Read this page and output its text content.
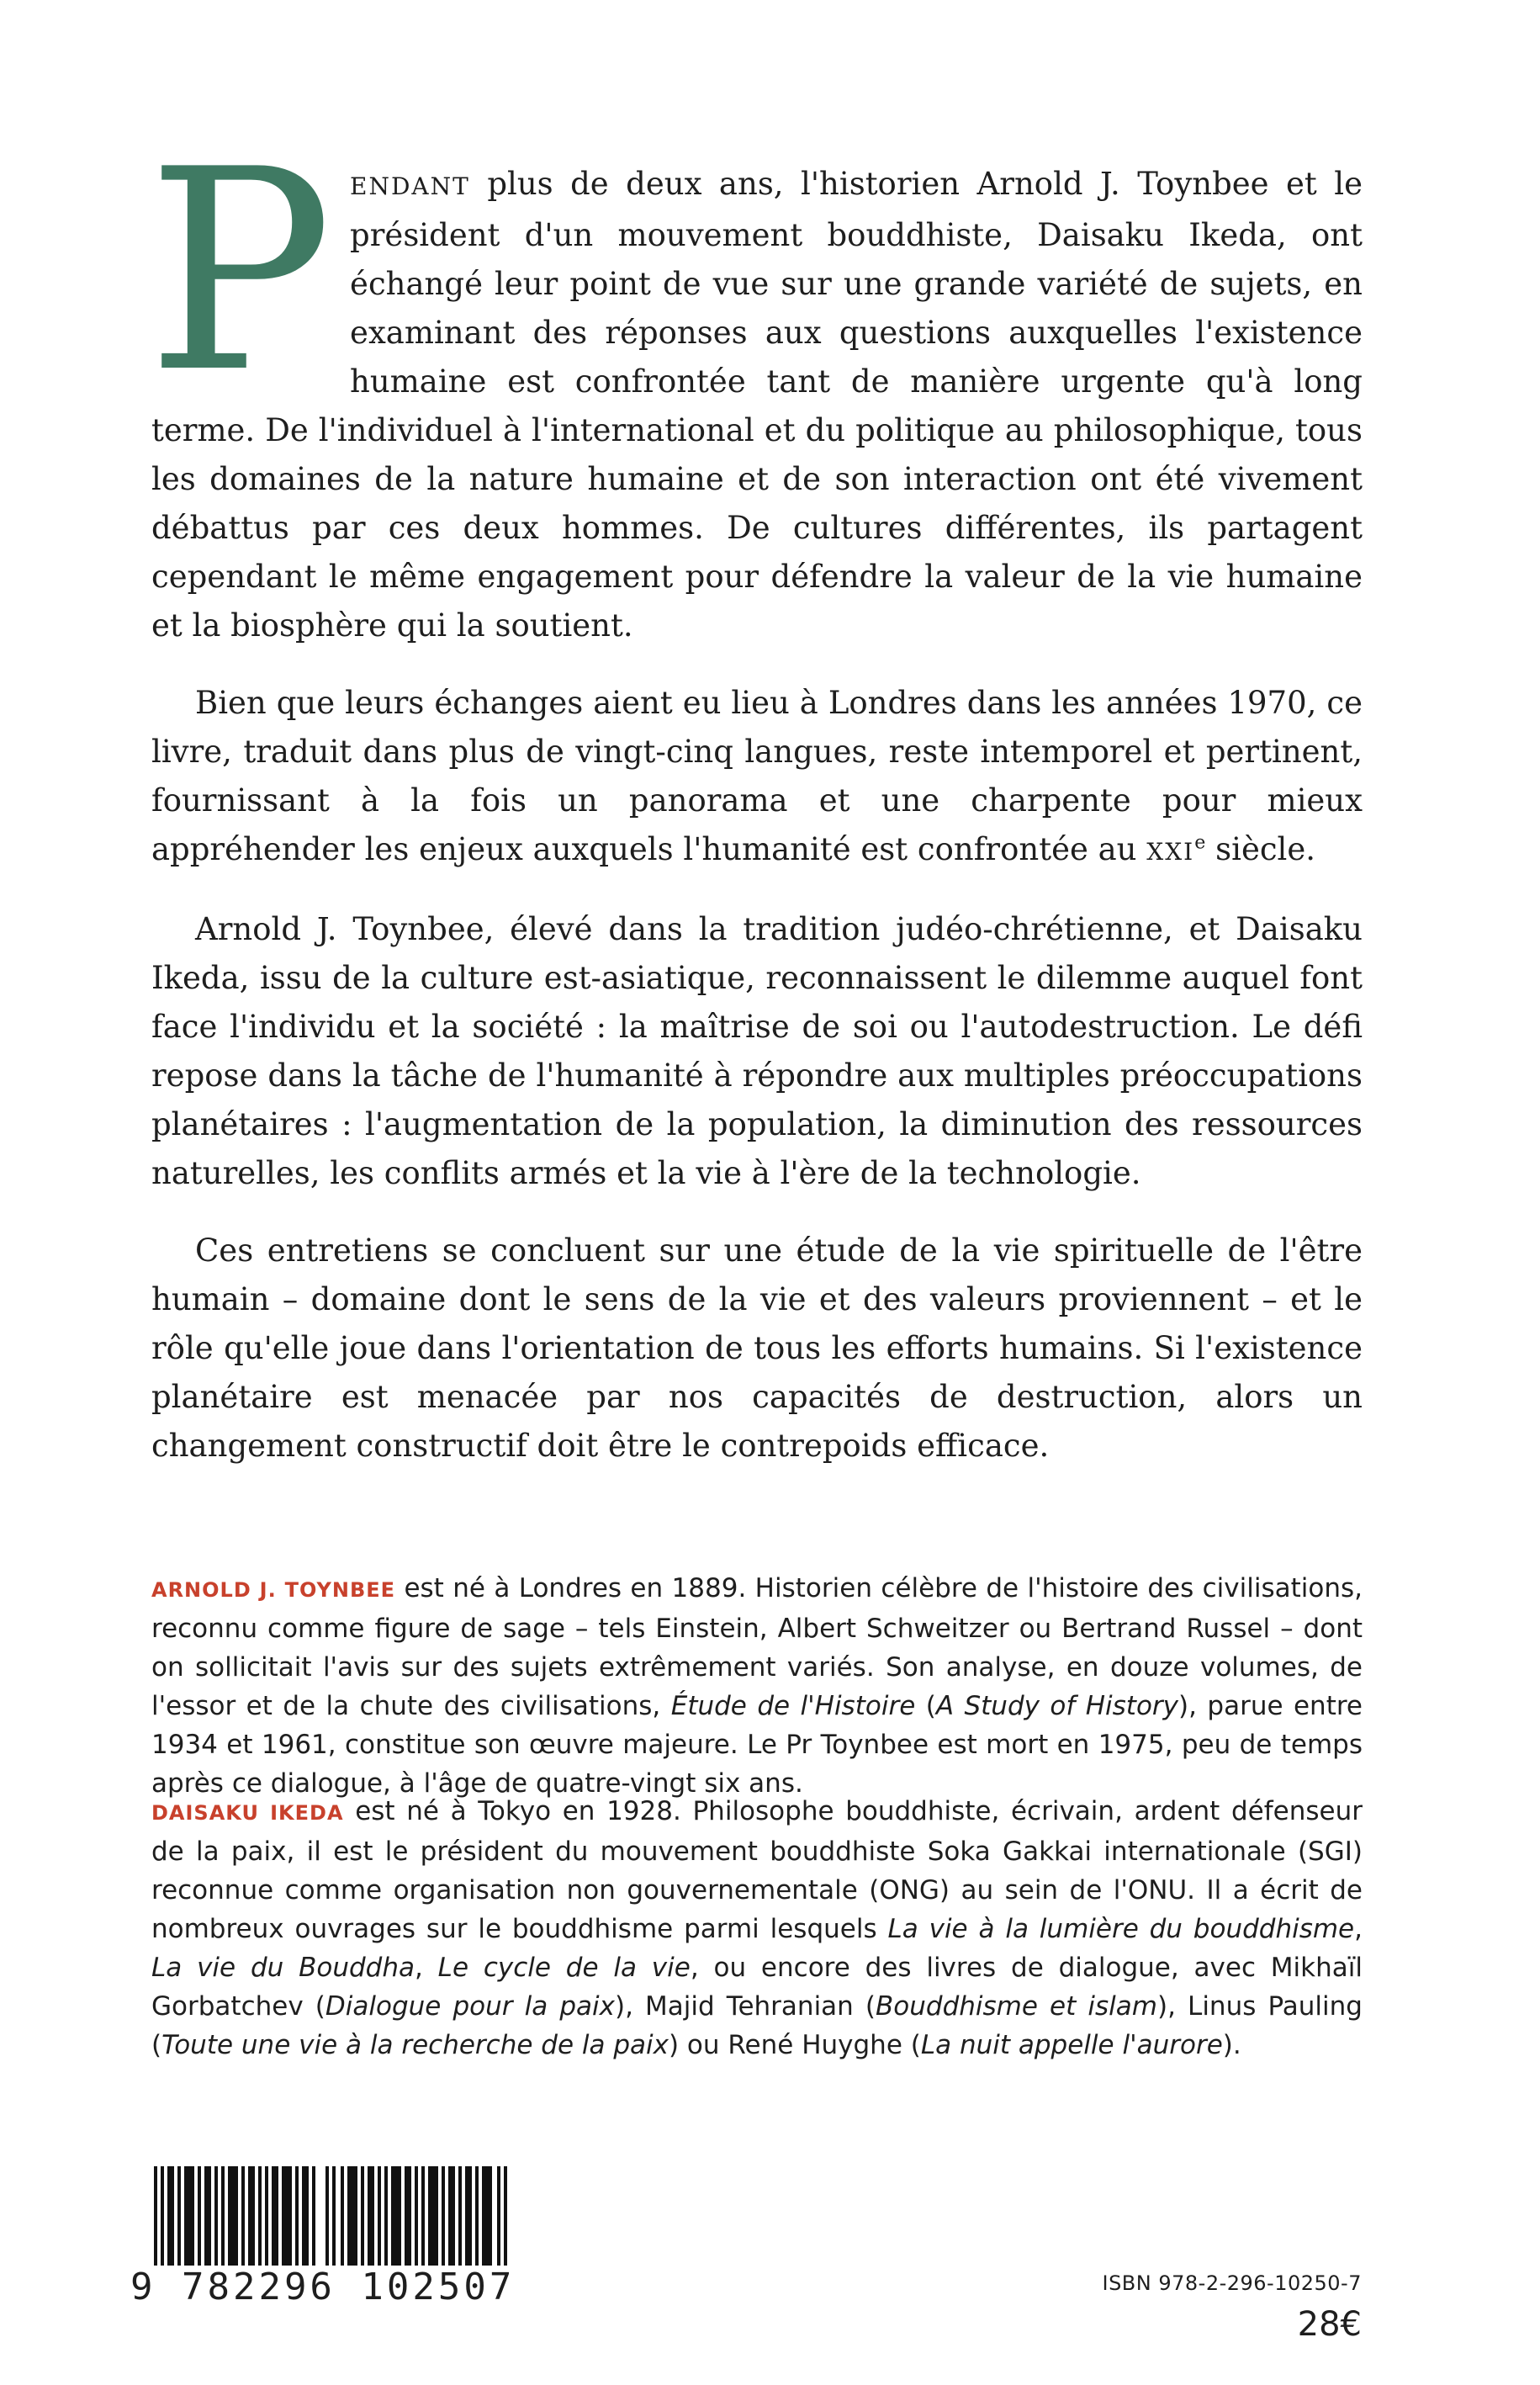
PENDANT plus de deux ans, l'historien Arnold J. Toynbee et le président d'un mouvement bouddhiste, Daisaku Ikeda, ont échangé leur point de vue sur une grande variété de sujets, en examinant des réponses aux questions auxquelles l'existence humaine est confrontée tant de manière urgente qu'à long terme. De l'individuel à l'international et du politique au philosophique, tous les domaines de la nature humaine et de son interaction ont été vivement débattus par ces deux hommes. De cultures différentes, ils partagent cependant le même engagement pour défendre la valeur de la vie humaine et la biosphère qui la soutient.

Bien que leurs échanges aient eu lieu à Londres dans les années 1970, ce livre, traduit dans plus de vingt-cinq langues, reste intemporel et pertinent, fournissant à la fois un panorama et une charpente pour mieux appréhender les enjeux auxquels l'humanité est confrontée au XXIe siècle.

Arnold J. Toynbee, élevé dans la tradition judéo-chrétienne, et Daisaku Ikeda, issu de la culture est-asiatique, reconnaissent le dilemme auquel font face l'individu et la société : la maîtrise de soi ou l'autodestruction. Le défi repose dans la tâche de l'humanité à répondre aux multiples préoccupations planétaires : l'augmentation de la population, la diminution des ressources naturelles, les conflits armés et la vie à l'ère de la technologie.

Ces entretiens se concluent sur une étude de la vie spirituelle de l'être humain – domaine dont le sens de la vie et des valeurs proviennent – et le rôle qu'elle joue dans l'orientation de tous les efforts humains. Si l'existence planétaire est menacée par nos capacités de destruction, alors un changement constructif doit être le contrepoids efficace.

ARNOLD J. TOYNBEE est né à Londres en 1889. Historien célèbre de l'histoire des civilisations, reconnu comme figure de sage – tels Einstein, Albert Schweitzer ou Bertrand Russel – dont on sollicitait l'avis sur des sujets extrêmement variés. Son analyse, en douze volumes, de l'essor et de la chute des civilisations, Étude de l'Histoire (A Study of History), parue entre 1934 et 1961, constitue son œuvre majeure. Le Pr Toynbee est mort en 1975, peu de temps après ce dialogue, à l'âge de quatre-vingt six ans.

DAISAKU IKEDA est né à Tokyo en 1928. Philosophe bouddhiste, écrivain, ardent défenseur de la paix, il est le président du mouvement bouddhiste Soka Gakkai internationale (SGI) reconnue comme organisation non gouvernementale (ONG) au sein de l'ONU. Il a écrit de nombreux ouvrages sur le bouddhisme parmi lesquels La vie à la lumière du bouddhisme, La vie du Bouddha, Le cycle de la vie, ou encore des livres de dialogue, avec Mikhaïl Gorbatchev (Dialogue pour la paix), Majid Tehranian (Bouddhisme et islam), Linus Pauling (Toute une vie à la recherche de la paix) ou René Huyghe (La nuit appelle l'aurore).

9 782296 102507	ISBN 978-2-296-10250-7
28€
